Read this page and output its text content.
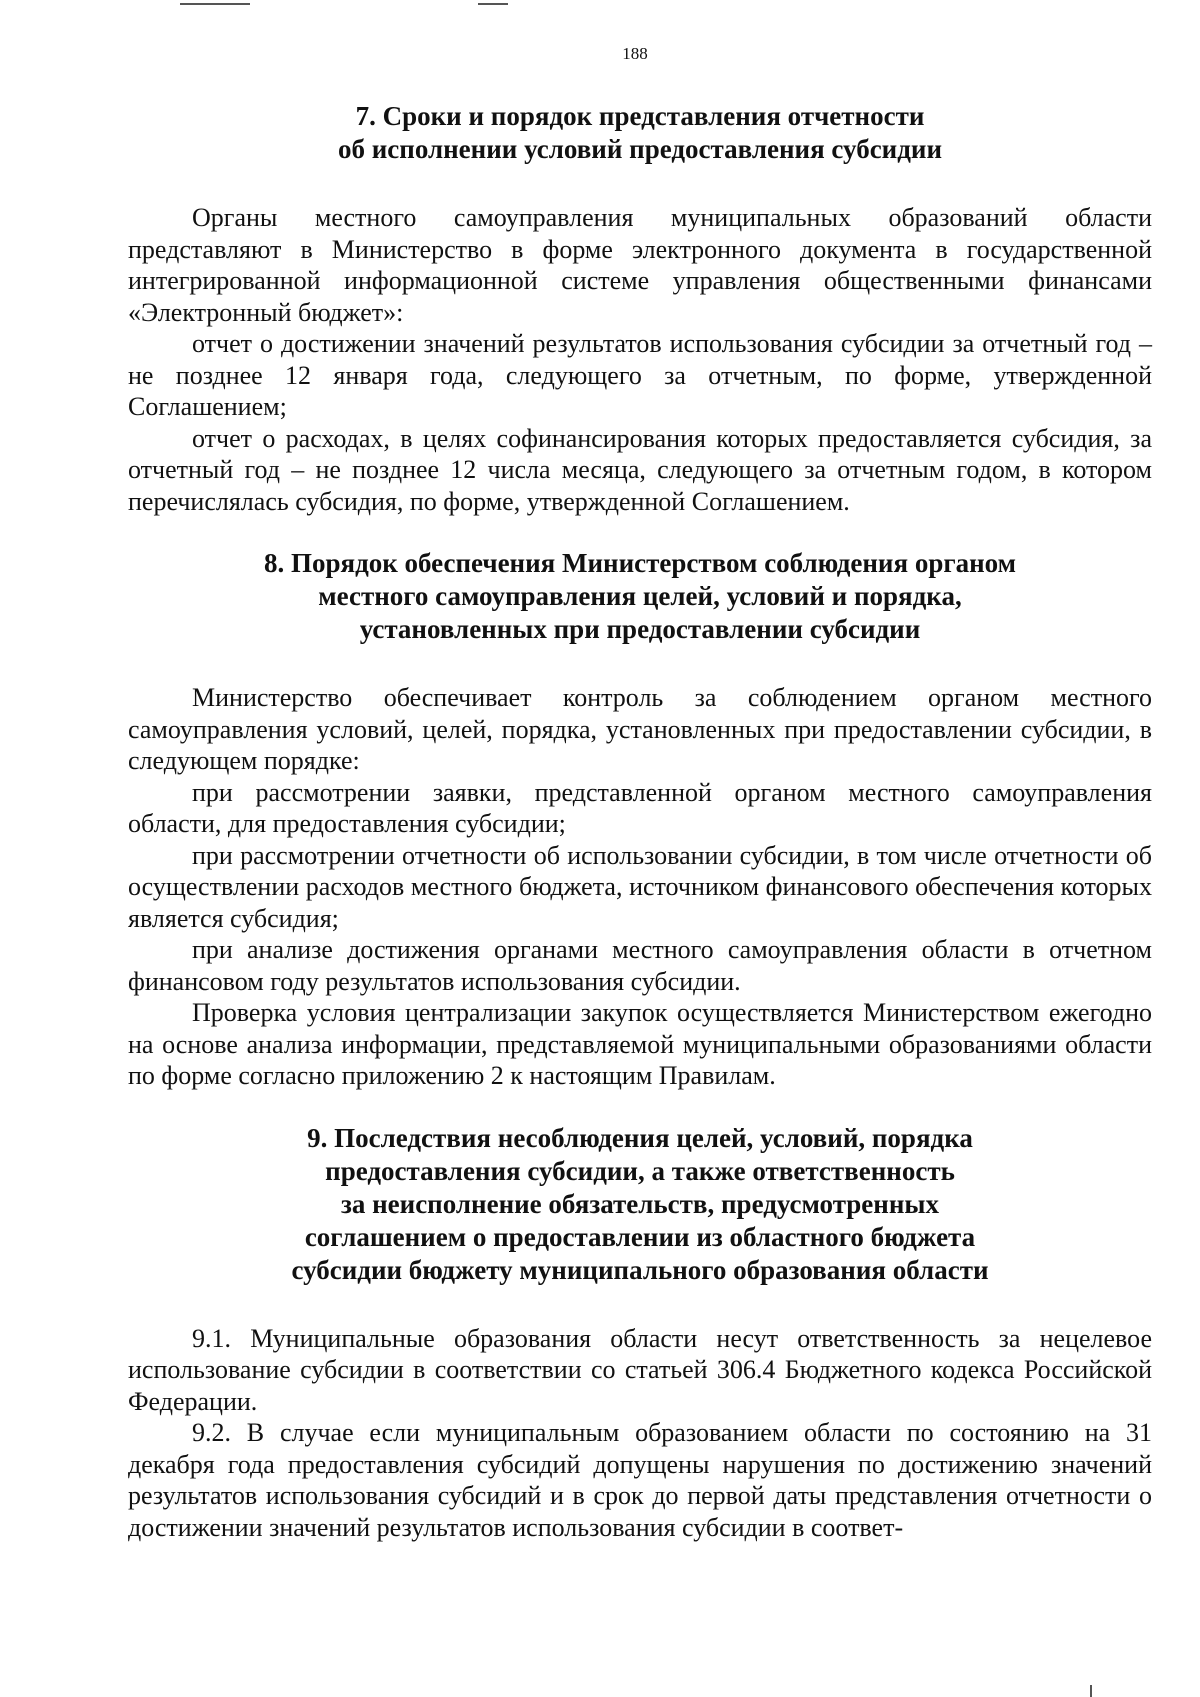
188
7. Сроки и порядок представления отчетности
об исполнении условий предоставления субсидии

Органы местного самоуправления муниципальных образований области представляют в Министерство в форме электронного документа в государственной интегрированной информационной системе управления общественными финансами «Электронный бюджет»:

отчет о достижении значений результатов использования субсидии за отчетный год – не позднее 12 января года, следующего за отчетным, по форме, утвержденной Соглашением;

отчет о расходах, в целях софинансирования которых предоставляется субсидия, за отчетный год – не позднее 12 числа месяца, следующего за отчетным годом, в котором перечислялась субсидия, по форме, утвержденной Соглашением.

8. Порядок обеспечения Министерством соблюдения органом
местного самоуправления целей, условий и порядка,
установленных при предоставлении субсидии

Министерство обеспечивает контроль за соблюдением органом местного самоуправления условий, целей, порядка, установленных при предоставлении субсидии, в следующем порядке:

при рассмотрении заявки, представленной органом местного самоуправления области, для предоставления субсидии;

при рассмотрении отчетности об использовании субсидии, в том числе отчетности об осуществлении расходов местного бюджета, источником финансового обеспечения которых является субсидия;

при анализе достижения органами местного самоуправления области в отчетном финансовом году результатов использования субсидии.

Проверка условия централизации закупок осуществляется Министерством ежегодно на основе анализа информации, представляемой муниципальными образованиями области по форме согласно приложению 2 к настоящим Правилам.

9. Последствия несоблюдения целей, условий, порядка
предоставления субсидии, а также ответственность
за неисполнение обязательств, предусмотренных
соглашением о предоставлении из областного бюджета
субсидии бюджету муниципального образования области

9.1. Муниципальные образования области несут ответственность за нецелевое использование субсидии в соответствии со статьей 306.4 Бюджетного кодекса Российской Федерации.

9.2. В случае если муниципальным образованием области по состоянию на 31 декабря года предоставления субсидий допущены нарушения по достижению значений результатов использования субсидий и в срок до первой даты представления отчетности о достижении значений результатов использования субсидии в соответ-
